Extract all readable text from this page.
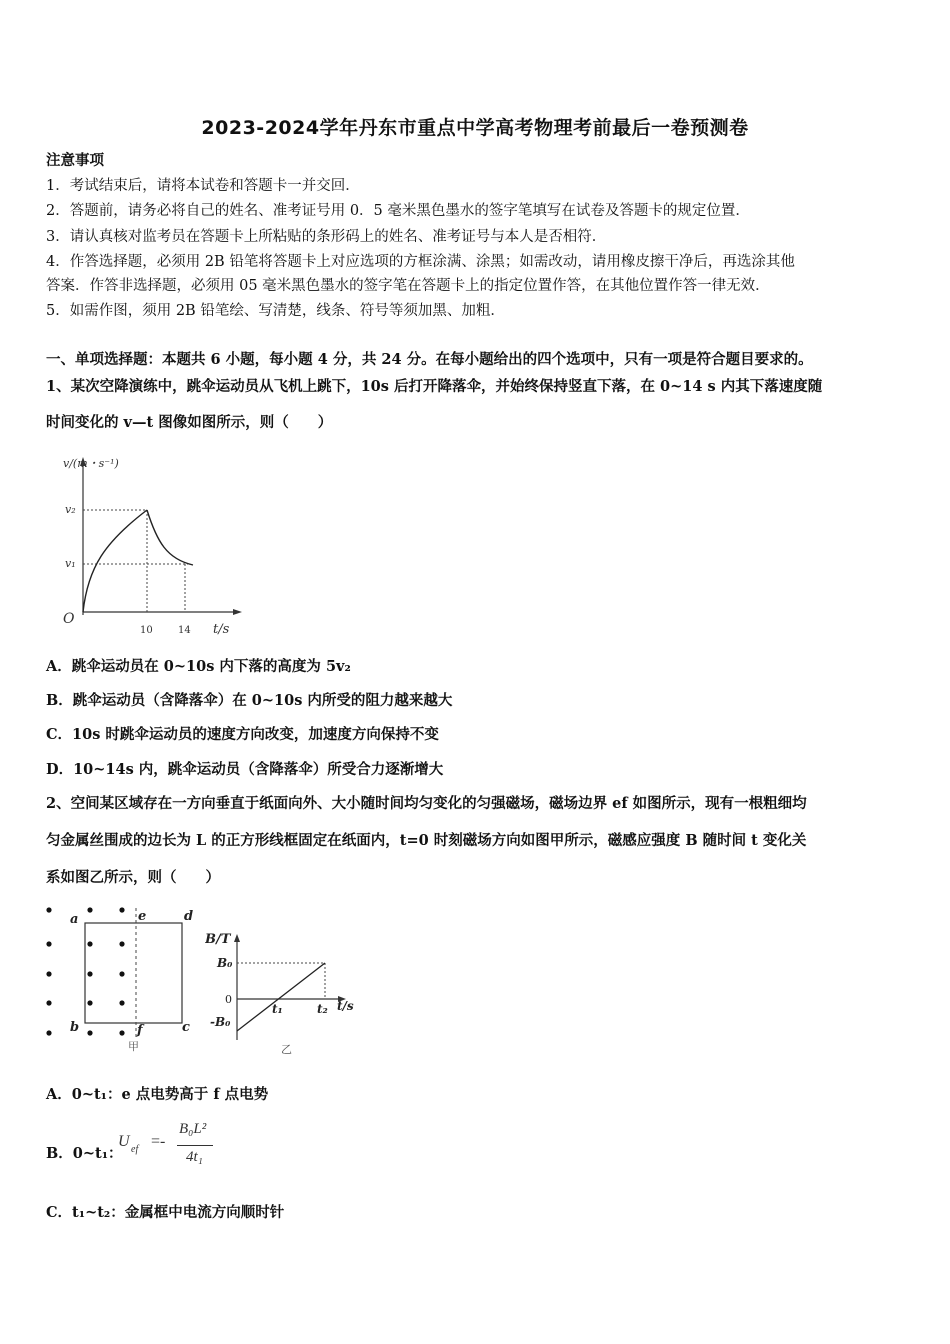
2023-2024学年丹东市重点中学高考物理考前最后一卷预测卷
注意事项
1．考试结束后，请将本试卷和答题卡一并交回．
2．答题前，请务必将自己的姓名、准考证号用 0．5 毫米黑色墨水的签字笔填写在试卷及答题卡的规定位置．
3．请认真核对监考员在答题卡上所粘贴的条形码上的姓名、准考证号与本人是否相符．
4．作答选择题，必须用 2B 铅笔将答题卡上对应选项的方框涂满、涂黑；如需改动，请用橡皮擦干净后，再选涂其他
答案．作答非选择题，必须用 05 毫米黑色墨水的签字笔在答题卡上的指定位置作答，在其他位置作答一律无效．
5．如需作图，须用 2B 铅笔绘、写清楚，线条、符号等须加黑、加粗．
一、单项选择题：本题共 6 小题，每小题 4 分，共 24 分。在每小题给出的四个选项中，只有一项是符合题目要求的。
1、某次空降演练中，跳伞运动员从飞机上跳下，10s 后打开降落伞，并始终保持竖直下落，在 0~14 s 内其下落速度随
时间变化的 v—t 图像如图所示，则（　　）
v/(m・s⁻¹)
v₂
v₁
O
10	14 t/s
A．跳伞运动员在 0~10s 内下落的高度为 5v₂
B．跳伞运动员（含降落伞）在 0~10s 内所受的阻力越来越大
C．10s 时跳伞运动员的速度方向改变，加速度方向保持不变
D．10~14s 内，跳伞运动员（含降落伞）所受合力逐渐增大
2、空间某区域存在一方向垂直于纸面向外、大小随时间均匀变化的匀强磁场，磁场边界 ef 如图所示，现有一根粗细均
匀金属丝围成的边长为 L 的正方形线框固定在纸面内，t=0 时刻磁场方向如图甲所示，磁感应强度 B 随时间 t 变化关
系如图乙所示，则（　　）
a	e	d
b	f	c
甲
B/T
B₀
0
-B₀
t₁	t₂ t/s
乙
A．0~t₁：e 点电势高于 f 点电势
B．0~t₁：
U ef =-
B₀L²
4t₁
C．t₁~t₂：金属框中电流方向顺时针
